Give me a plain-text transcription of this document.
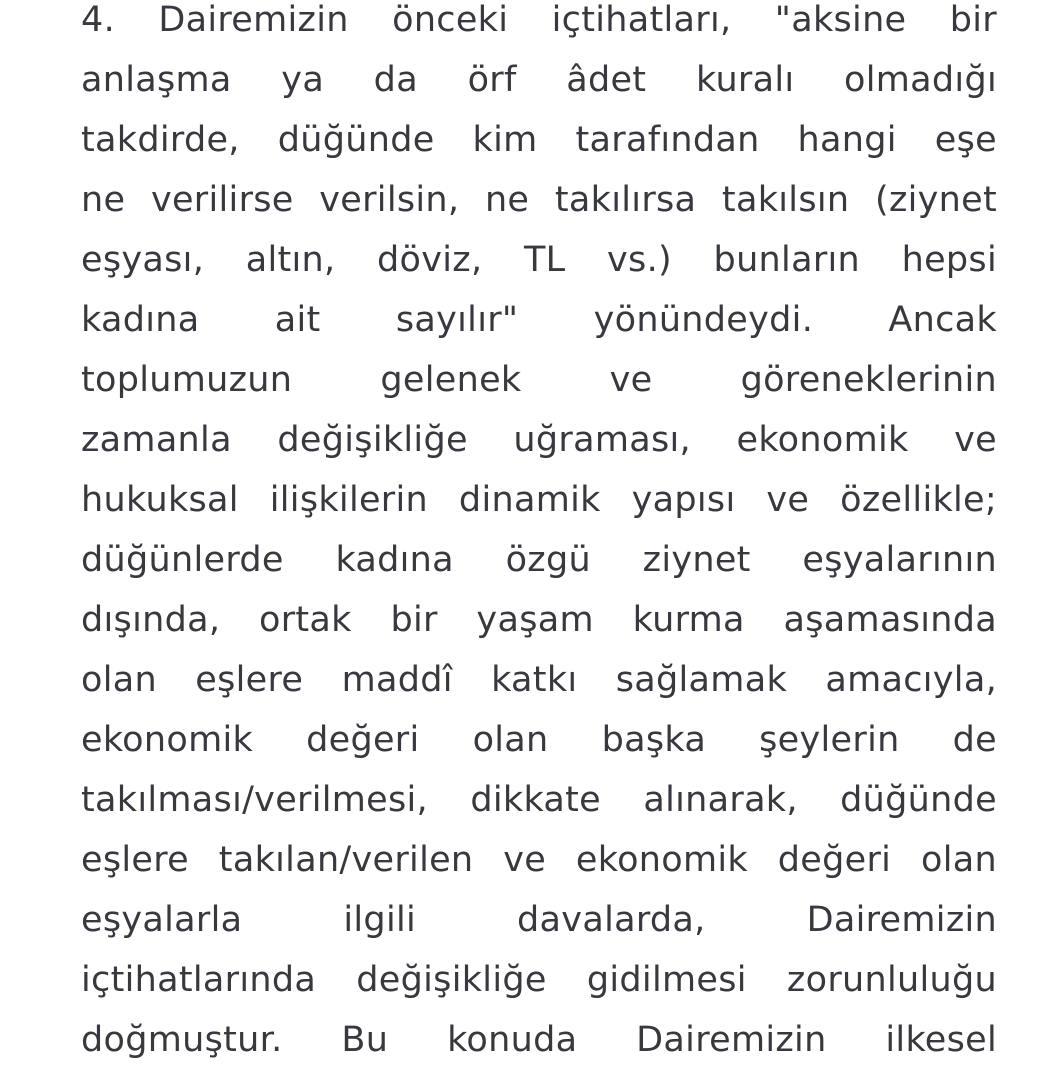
4. Dairemizin önceki içtihatları, "aksine bir
anlaşma ya da örf âdet kuralı olmadığı
takdirde, düğünde kim tarafından hangi eşe
ne verilirse verilsin, ne takılırsa takılsın (ziynet
eşyası, altın, döviz, TL vs.) bunların hepsi
kadına ait sayılır" yönündeydi. Ancak
toplumuzun gelenek ve göreneklerinin
zamanla değişikliğe uğraması, ekonomik ve
hukuksal ilişkilerin dinamik yapısı ve özellikle;
düğünlerde kadına özgü ziynet eşyalarının
dışında, ortak bir yaşam kurma aşamasında
olan eşlere maddî katkı sağlamak amacıyla,
ekonomik değeri olan başka şeylerin de
takılması/verilmesi, dikkate alınarak, düğünde
eşlere takılan/verilen ve ekonomik değeri olan
eşyalarla ilgili davalarda, Dairemizin
içtihatlarında değişikliğe gidilmesi zorunluluğu
doğmuştur. Bu konuda Dairemizin ilkesel
